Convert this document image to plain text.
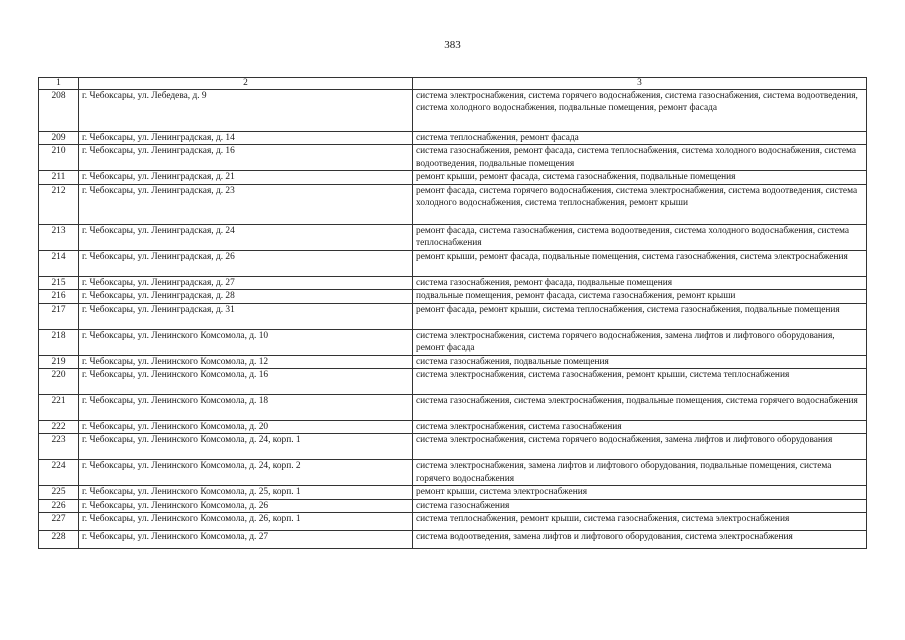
383
1	2	3
208	г. Чебоксары, ул. Лебедева, д. 9	система электроснабжения, система горячего водоснабжения, система газоснабжения, система водоотведения, система холодного водоснабжения, подвальные помещения, ремонт фасада
209	г. Чебоксары, ул. Ленинградская, д. 14	система теплоснабжения, ремонт фасада
210	г. Чебоксары, ул. Ленинградская, д. 16	система газоснабжения, ремонт фасада, система теплоснабжения, система холодного водоснабжения, система водоотведения, подвальные помещения
211	г. Чебоксары, ул. Ленинградская, д. 21	ремонт крыши, ремонт фасада, система газоснабжения, подвальные помещения
212	г. Чебоксары, ул. Ленинградская, д. 23	ремонт фасада, система горячего водоснабжения, система электроснабжения, система водоотведения, система холодного водоснабжения, система теплоснабжения, ремонт крыши
213	г. Чебоксары, ул. Ленинградская, д. 24	ремонт фасада, система газоснабжения, система водоотведения, система холодного водоснабжения, система теплоснабжения
214	г. Чебоксары, ул. Ленинградская, д. 26	ремонт крыши, ремонт фасада, подвальные помещения, система газоснабжения, система электроснабжения
215	г. Чебоксары, ул. Ленинградская, д. 27	система газоснабжения, ремонт фасада, подвальные помещения
216	г. Чебоксары, ул. Ленинградская, д. 28	подвальные помещения, ремонт фасада, система газоснабжения, ремонт крыши
217	г. Чебоксары, ул. Ленинградская, д. 31	ремонт фасада, ремонт крыши, система теплоснабжения, система газоснабжения, подвальные помещения
218	г. Чебоксары, ул. Ленинского Комсомола, д. 10	система электроснабжения, система горячего водоснабжения, замена лифтов и лифтового оборудования, ремонт фасада
219	г. Чебоксары, ул. Ленинского Комсомола, д. 12	система газоснабжения, подвальные помещения
220	г. Чебоксары, ул. Ленинского Комсомола, д. 16	система электроснабжения, система газоснабжения, ремонт крыши, система теплоснабжения
221	г. Чебоксары, ул. Ленинского Комсомола, д. 18	система газоснабжения, система электроснабжения, подвальные помещения, система горячего водоснабжения
222	г. Чебоксары, ул. Ленинского Комсомола, д. 20	система электроснабжения, система газоснабжения
223	г. Чебоксары, ул. Ленинского Комсомола, д. 24, корп. 1	система электроснабжения, система горячего водоснабжения, замена лифтов и лифтового оборудования
224	г. Чебоксары, ул. Ленинского Комсомола, д. 24, корп. 2	система электроснабжения, замена лифтов и лифтового оборудования, подвальные помещения, система горячего водоснабжения
225	г. Чебоксары, ул. Ленинского Комсомола, д. 25, корп. 1	ремонт крыши, система электроснабжения
226	г. Чебоксары, ул. Ленинского Комсомола, д. 26	система газоснабжения
227	г. Чебоксары, ул. Ленинского Комсомола, д. 26, корп. 1	система теплоснабжения, ремонт крыши, система газоснабжения, система электроснабжения
228	г. Чебоксары, ул. Ленинского Комсомола, д. 27	система водоотведения, замена лифтов и лифтового оборудования, система электроснабжения
